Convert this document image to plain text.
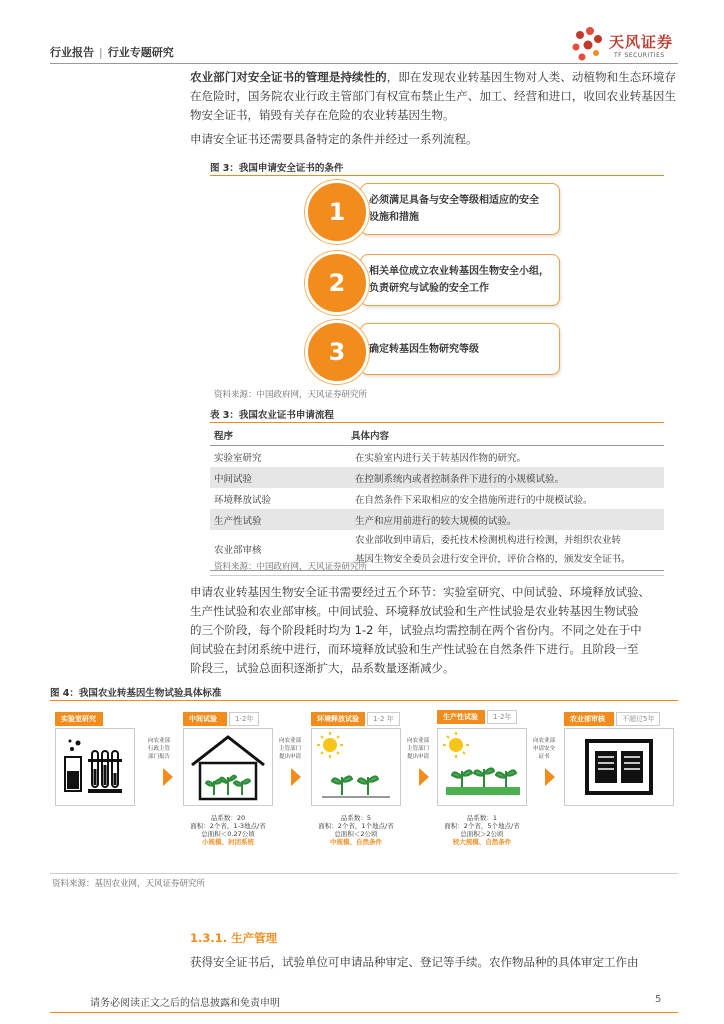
行业报告 | 行业专题研究
天风证券
TF SECURITIES
农业部门对安全证书的管理是持续性的，即在发现农业转基因生物对人类、动植物和生态环境存在危险时，国务院农业行政主管部门有权宣布禁止生产、加工、经营和进口，收回农业转基因生物安全证书，销毁有关存在危险的农业转基因生物。
申请安全证书还需要具备特定的条件并经过一系列流程。
图 3：我国申请安全证书的条件
必须满足具备与安全等级相适应的安全
设施和措施
1
相关单位成立农业转基因生物安全小组，
负责研究与试验的安全工作
2
确定转基因生物研究等级
3
资料来源：中国政府网，天风证券研究所
表 3：我国农业证书申请流程
程序	具体内容
实验室研究	在实验室内进行关于转基因作物的研究。
中间试验	在控制系统内或者控制条件下进行的小规模试验。
环境释放试验	在自然条件下采取相应的安全措施所进行的中规模试验。
生产性试验	生产和应用前进行的较大规模的试验。
农业部审核	农业部收到申请后，委托技术检测机构进行检测，并组织农业转
基因生物安全委员会进行安全评价，评价合格的，颁发安全证书。
资料来源：中国政府网，天风证券研究所
申请农业转基因生物安全证书需要经过五个环节：实验室研究、中间试验、环境释放试验、
生产性试验和农业部审核。中间试验、环境释放试验和生产性试验是农业转基因生物试验
的三个阶段，每个阶段耗时均为 1-2 年，试验点均需控制在两个省份内。不同之处在于中
间试验在封闭系统中进行，而环境释放试验和生产性试验在自然条件下进行。且阶段一至
阶段三，试验总面积逐渐扩大，品系数量逐渐减少。
图 4：我国农业转基因生物试验具体标准
实验室研究	中间试验	1-2年	环境释放试验	1-2 年	生产性试验	1-2年	农业部审核	不超过5年
向农业部
行政主管
部门报告
向农业部
主管部门
提出申请
向农业部
主管部门
提出申请
向农业部
申请安全
证书
品系数：20
面积：2个省，1-3地点/省
总面积＜0.27公顷
小规模、封闭系统
品系数：5
面积：2个省，1个地点/省
总面积＜2公顷
中规模、自然条件
品系数：1
面积：2个省，5个地点/省
总面积＞2公顷
较大规模、自然条件
资料来源：基因农业网，天风证券研究所
1.3.1. 生产管理
获得安全证书后，试验单位可申请品种审定、登记等手续。农作物品种的具体审定工作由
请务必阅读正文之后的信息披露和免责申明	5
